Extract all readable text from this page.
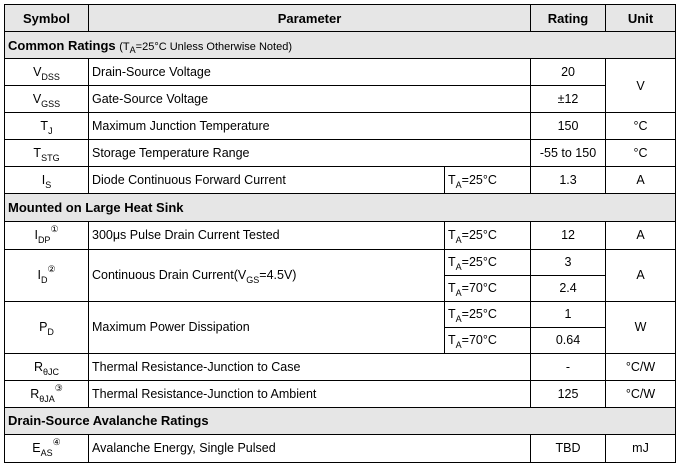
Symbol	Parameter		Rating	Unit
Common Ratings ($T_A=25^\circ C$ Unless Otherwise Noted)				
$V_{DSS}$	Drain-Source Voltage		20	V
$V_{GSS}$	Gate-Source Voltage		±12	
$T_J$	Maximum Junction Temperature		150	°C
$T_{STG}$	Storage Temperature Range		-55 to 150	°C
$I_S$	Diode Continuous Forward Current	$T_A=25^\circ C$	1.3	A
Mounted on Large Heat Sink				
$I_{DP}^①$	300μs Pulse Drain Current Tested	$T_A=25^\circ C$	12	A
$I_D^②$	Continuous Drain $Current(V_{GS}=4.5V)$	$T_A=25^\circ C$	3	A
		$T_A=70^\circ C$	2.4	
$P_D$	Maximum Power Dissipation	$T_A=25^\circ C$	1	W
		$T_A=70^\circ C$	0.64	
$R_{\theta JC}$	Thermal Resistance-Junction to Case		-	°C/W
$R_{\theta JA}^③$	Thermal Resistance-Junction to Ambient		125	°C/W
Drain-Source Avalanche Ratings				
$E_{AS}^④$	Avalanche Energy, Single Pulsed		TBD	mJ
